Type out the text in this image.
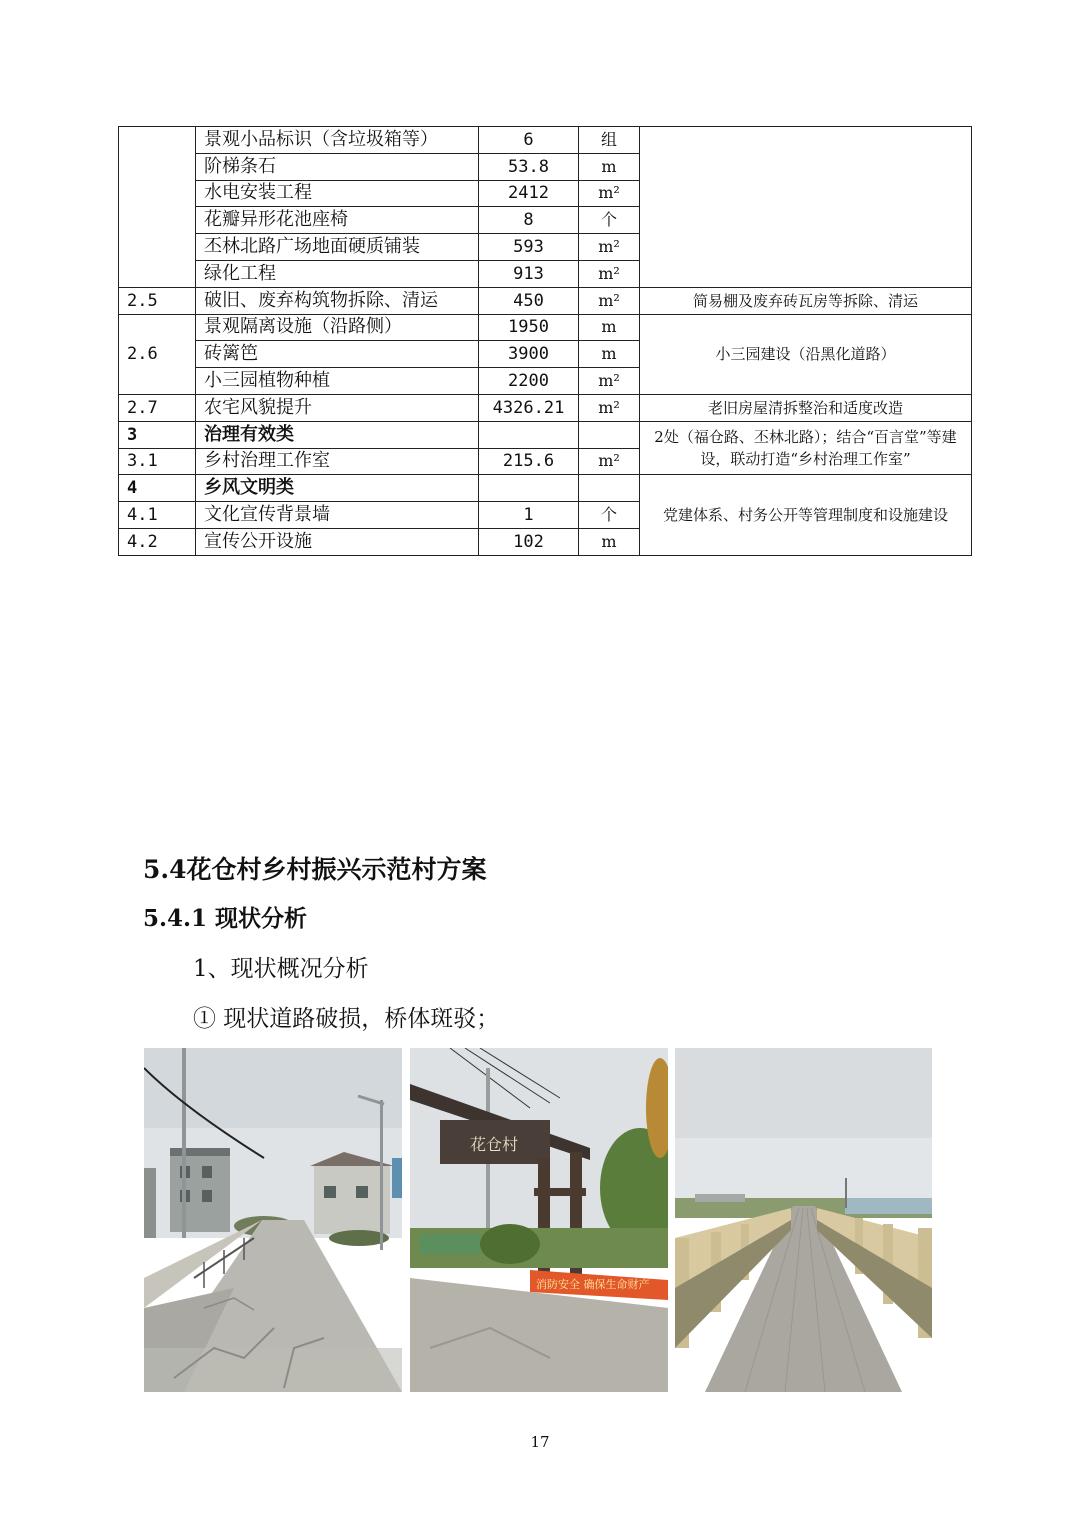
	景观小品标识（含垃圾箱等）	6	组	
	阶梯条石	53.8	m	
	水电安装工程	2412	m²	
	花瓣异形花池座椅	8	个	
	丕林北路广场地面硬质铺装	593	m²	
	绿化工程	913	m²	
2.5	破旧、废弃构筑物拆除、清运	450	m²	简易棚及废弃砖瓦房等拆除、清运
2.6	景观隔离设施（沿路侧）	1950	m	小三园建设（沿黑化道路）
	砖篱笆	3900	m	
	小三园植物种植	2200	m²	
2.7	农宅风貌提升	4326.21	m²	老旧房屋清拆整治和适度改造
3	治理有效类			2处（福仓路、丕林北路）；结合“百言堂”等建设，联动打造“乡村治理工作室”
3.1	乡村治理工作室	215.6	m²	
4	乡风文明类			党建体系、村务公开等管理制度和设施建设
4.1	文化宣传背景墙	1	个	
4.2	宣传公开设施	102	m	
5.4花仓村乡村振兴示范村方案
5.4.1 现状分析
1、现状概况分析
① 现状道路破损，桥体斑驳；
花仓村
消防安全 确保生命财产
17
